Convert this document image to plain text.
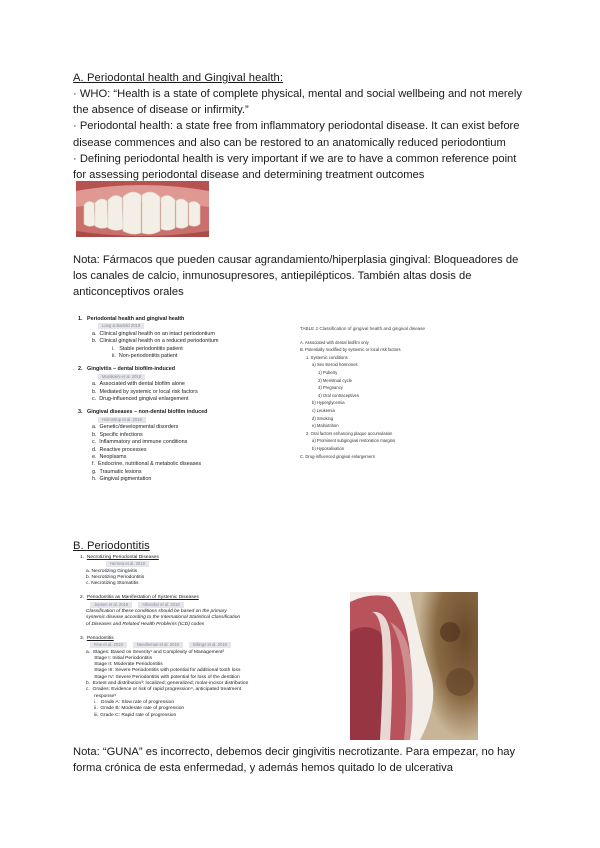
A. Periodontal health and Gingival health:

· WHO: “Health is a state of complete physical, mental and social wellbeing and not merely the absence of disease or infirmity.”

· Periodontal health: a state free from inflammatory periodontal disease. It can exist before disease commences and also can be restored to an anatomically reduced periodontium

· Defining periodontal health is very important if we are to have a common reference point for assessing periodontal disease and determining treatment outcomes

Nota: Fármacos que pueden causar agrandamiento/hiperplasia gingival: Bloqueadores de los canales de calcio, inmunosupresores, antiepilépticos. También altas dosis de anticonceptivos orales
1. Periodontal health and gingival health
Lang & Bartold 2018
a. Clinical gingival health on an intact periodontium
b. Clinical gingival health on a reduced periodontium
i. Stable periodontitis patient
ii. Non-periodontitis patient
2. Gingivitis – dental biofilm-induced
Murakami et al. 2018
a. Associated with dental biofilm alone
b. Mediated by systemic or local risk factors
c. Drug-influenced gingival enlargement
3. Gingival diseases – non-dental biofilm induced
Holmstrup et al. 2018
a. Genetic/developmental disorders
b. Specific infections
c. Inflammatory and immune conditions
d. Reactive processes
e. Neoplasms
f. Endocrine, nutritional & metabolic diseases
g. Traumatic lesions
h. Gingival pigmentation
TABLE 2 Classification of gingival health and gingival disease
A. Associated with dental biofilm only
B. Potentially modified by systemic or local risk factors
1. Systemic conditions
a) Sex steroid hormones
1) Puberty
2) Menstrual cycle
3) Pregnancy
4) Oral contraceptives
b) Hyperglycemia
c) Leukemia
d) Smoking
e) Malnutrition
2. Oral factors enhancing plaque accumulation
a) Prominent subgingival restoration margins
b) Hyposalivation
C. Drug-influenced gingival enlargement
B. Periodontitis
1. Necrotizing Periodontal Diseases
Herrera et al. 2018
a. Necrotizing Gingivitis
b. Necrotizing Periodontitis
c. Necrotizing Stomatitis
2. Periodontitis as Manifestation of Systemic Diseases
Jepsen et al. 2018	Albandar et al. 2018
Classification of these conditions should be based on the primary
systemic disease according to the International Statistical Classification
of Diseases and Related Health Problems (ICD) codes
3. Periodontitis
Fine et al. 2018	Needleman et al. 2018	Billings et al. 2018
a.  Stages: Based on Severity¹ and Complexity of Management²
Stage I: Initial Periodontitis
Stage II: Moderate Periodontitis
Stage III: Severe Periodontitis with potential for additional tooth loss
Stage IV: Severe Periodontitis with potential for loss of the dentition
b.  Extent and distribution³: localized; generalized; molar-incisor distribution
c.  Grades: Evidence or risk of rapid progression⁴, anticipated treatment
response⁵
i.   Grade A: Slow rate of progression
ii.  Grade B: Moderate rate of progression
iii. Grade C: Rapid rate of progression
Nota: “GUNA” es incorrecto, debemos decir gingivitis necrotizante. Para empezar, no hay forma crónica de esta enfermedad, y además hemos quitado lo de ulcerativa
